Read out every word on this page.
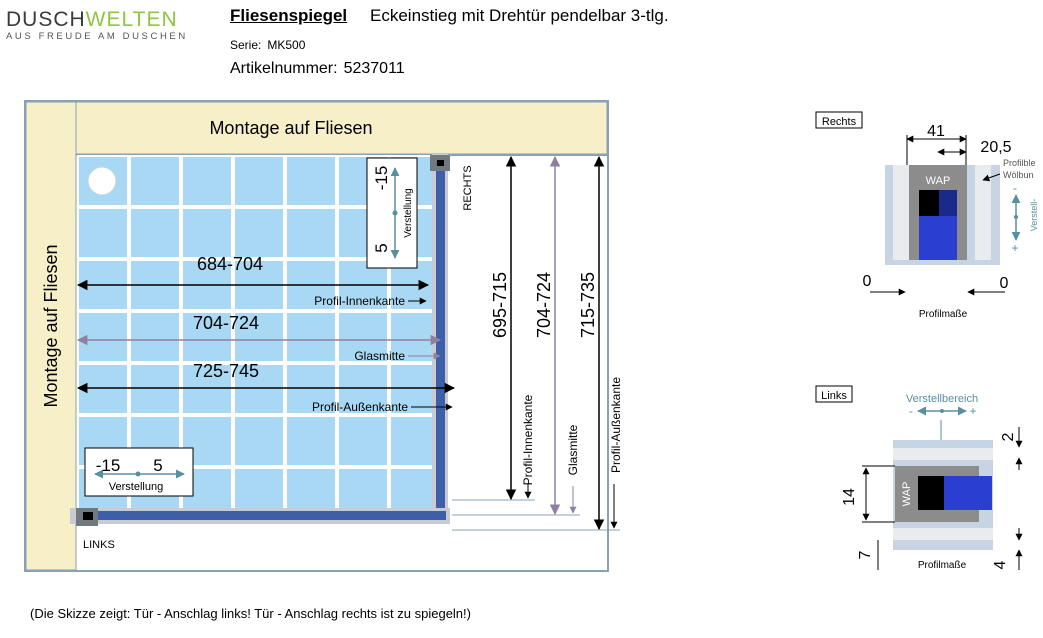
DUSCHWELTEN
AUS FREUDE AM DUSCHEN
Fliesenspiegel Eckeinstieg mit Drehtür pendelbar 3-tlg.
Serie: MK500
Artikelnummer: 5237011
Montage auf Fliesen
Montage auf Fliesen
RECHTS
LINKS
-15
5
Verstellung
-15 5
Verstellung
684-704
Profil-Innenkante
704-724
Glasmitte
725-745
Profil-Außenkante
695-715
Profil-Innenkante
704-724
Glasmitte
715-735
Profil-Außenkante
Rechts
WAP
41
20,5
Profilble
Wölbun
-
+
Verstell-
0	0
Profilmaße
Links	Verstellbereich
-	+
WAP
2
14
7
4
Profilmaße
(Die Skizze zeigt: Tür - Anschlag links! Tür - Anschlag rechts ist zu spiegeln!)
